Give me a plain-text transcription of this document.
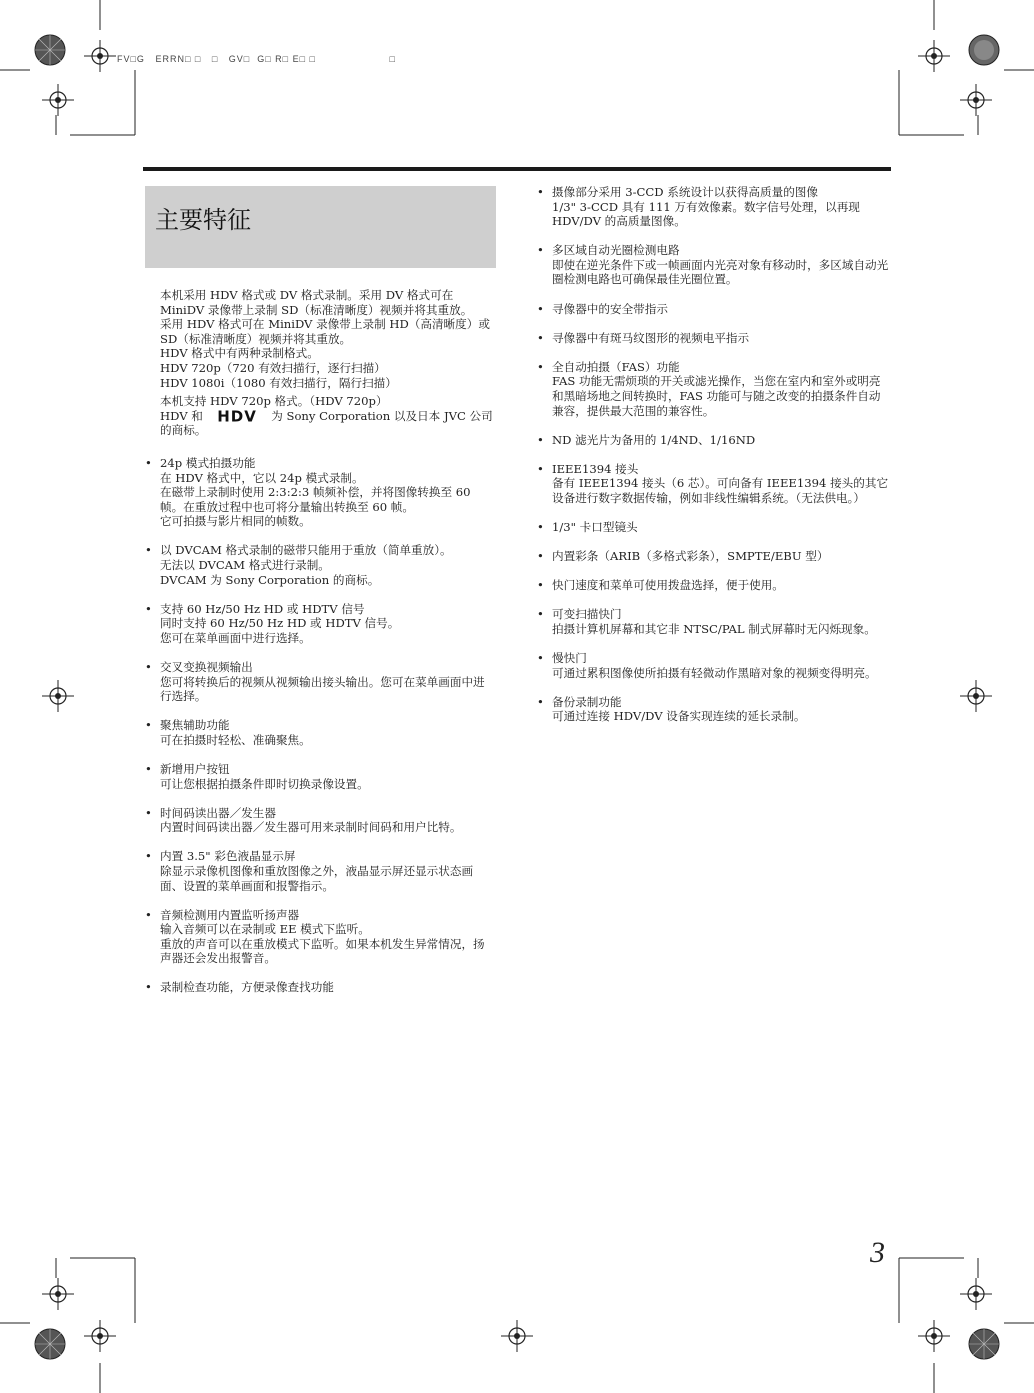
FV□G   ERRN□ □   □   GV□  G□ R□ E□ □                     □
主要特征

本机采用 HDV 格式或 DV 格式录制。采用 DV 格式可在 MiniDV 录像带上录制 SD（标准清晰度）视频并将其重放。
采用 HDV 格式可在 MiniDV 录像带上录制 HD（高清晰度）或 SD（标准清晰度）视频并将其重放。
HDV 格式中有两种录制格式。
HDV 720p（720 有效扫描行，逐行扫描）
HDV 1080i（1080 有效扫描行，隔行扫描）

本机支持 HDV 720p 格式。（HDV 720p）
HDV 和 HDV 为 Sony Corporation 以及日本 JVC 公司的商标。

• 24p 模式拍摄功能
在 HDV 格式中，它以 24p 模式录制。
在磁带上录制时使用 2:3:2:3 帧频补偿，并将图像转换至 60 帧。在重放过程中也可将分量输出转换至 60 帧。
它可拍摄与影片相同的帧数。
• 以 DVCAM 格式录制的磁带只能用于重放（简单重放）。
无法以 DVCAM 格式进行录制。
DVCAM 为 Sony Corporation 的商标。
• 支持 60 Hz/50 Hz HD 或 HDTV 信号
同时支持 60 Hz/50 Hz HD 或 HDTV 信号。
您可在菜单画面中进行选择。
• 交叉变换视频输出
您可将转换后的视频从视频输出接头输出。您可在菜单画面中进行选择。
• 聚焦辅助功能
可在拍摄时轻松、准确聚焦。
• 新增用户按钮
可让您根据拍摄条件即时切换录像设置。
• 时间码读出器／发生器
内置时间码读出器／发生器可用来录制时间码和用户比特。
• 内置 3.5" 彩色液晶显示屏
除显示录像机图像和重放图像之外，液晶显示屏还显示状态画面、设置的菜单画面和报警指示。
• 音频检测用内置监听扬声器
输入音频可以在录制或 EE 模式下监听。
重放的声音可以在重放模式下监听。如果本机发生异常情况，扬声器还会发出报警音。
• 录制检查功能，方便录像查找功能
• 摄像部分采用 3-CCD 系统设计以获得高质量的图像
1/3" 3-CCD 具有 111 万有效像素。数字信号处理，以再现 HDV/DV 的高质量图像。
• 多区域自动光圈检测电路
即使在逆光条件下或一帧画面内光亮对象有移动时，多区域自动光圈检测电路也可确保最佳光圈位置。
• 寻像器中的安全带指示
• 寻像器中有斑马纹图形的视频电平指示
• 全自动拍摄（FAS）功能
FAS 功能无需烦琐的开关或滤光操作，当您在室内和室外或明亮和黑暗场地之间转换时，FAS 功能可与随之改变的拍摄条件自动兼容，提供最大范围的兼容性。
• ND 滤光片为备用的 1/4ND、1/16ND
• IEEE1394 接头
备有 IEEE1394 接头（6 芯）。可向备有 IEEE1394 接头的其它设备进行数字数据传输，例如非线性编辑系统。（无法供电。）
• 1/3" 卡口型镜头
• 内置彩条（ARIB（多格式彩条），SMPTE/EBU 型）
• 快门速度和菜单可使用拨盘选择，便于使用。
• 可变扫描快门
拍摄计算机屏幕和其它非 NTSC/PAL 制式屏幕时无闪烁现象。
• 慢快门
可通过累积图像使所拍摄有轻微动作黑暗对象的视频变得明亮。
• 备份录制功能
可通过连接 HDV/DV 设备实现连续的延长录制。
3
